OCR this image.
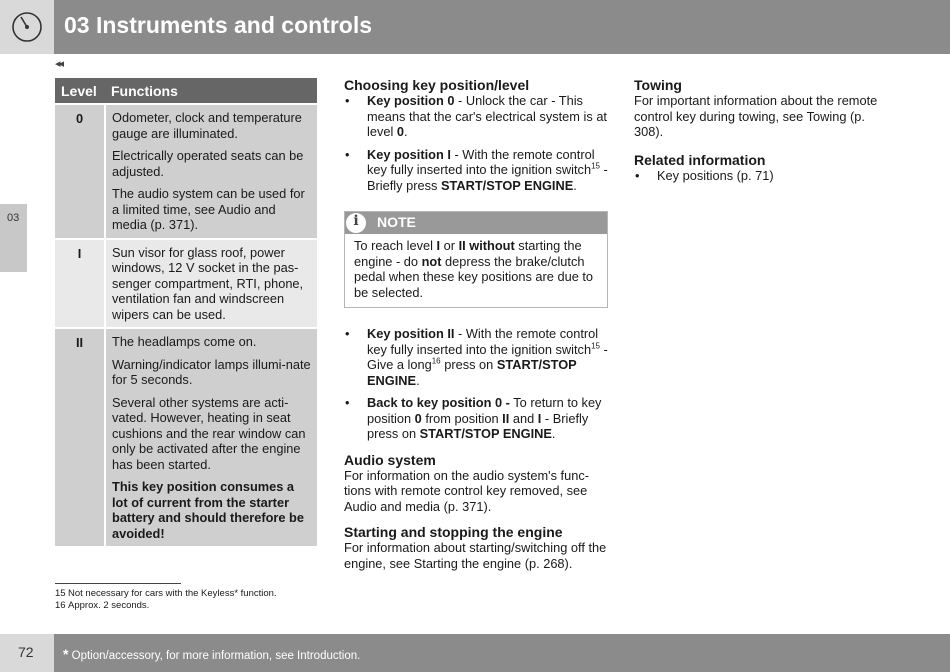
03 Instruments and controls
◂◂
03
Level	Functions
0	Odometer, clock and temperature gauge are illuminated.

Electrically operated seats can be adjusted.

The audio system can be used for a limited time, see Audio and media (p. 371).

I	Sun visor for glass roof, power windows, 12 V socket in the pas-senger compartment, RTI, phone, ventilation fan and windscreen wipers can be used.

II	The headlamps come on.

Warning/indicator lamps illumi-nate for 5 seconds.

Several other systems are acti-vated. However, heating in seat cushions and the rear window can only be activated after the engine has been started.

This key position consumes a lot of current from the starter battery and should therefore be avoided!

Choosing key position/level
• Key position 0 - Unlock the car - This means that the car's electrical system is at level 0.
• Key position I - With the remote control key fully inserted into the ignition switch$^{15}$ - Briefly press START/STOP ENGINE.
i	NOTE
To reach level I or II without starting the engine - do not depress the brake/clutch pedal when these key positions are due to be selected.
• Key position II - With the remote control key fully inserted into the ignition switch$^{15}$ - Give a long$^{16}$ press on START/STOP ENGINE.
• Back to key position 0 - To return to key position 0 from position II and I - Briefly press on START/STOP ENGINE.
Audio system

For information on the audio system's func-tions with remote control key removed, see Audio and media (p. 371).

Starting and stopping the engine

For information about starting/switching off the engine, see Starting the engine (p. 268).

Towing

For important information about the remote control key during towing, see Towing (p. 308).

Related information
• Key positions (p. 71)
15 Not necessary for cars with the Keyless* function.
16 Approx. 2 seconds.
72 * Option/accessory, for more information, see Introduction.
